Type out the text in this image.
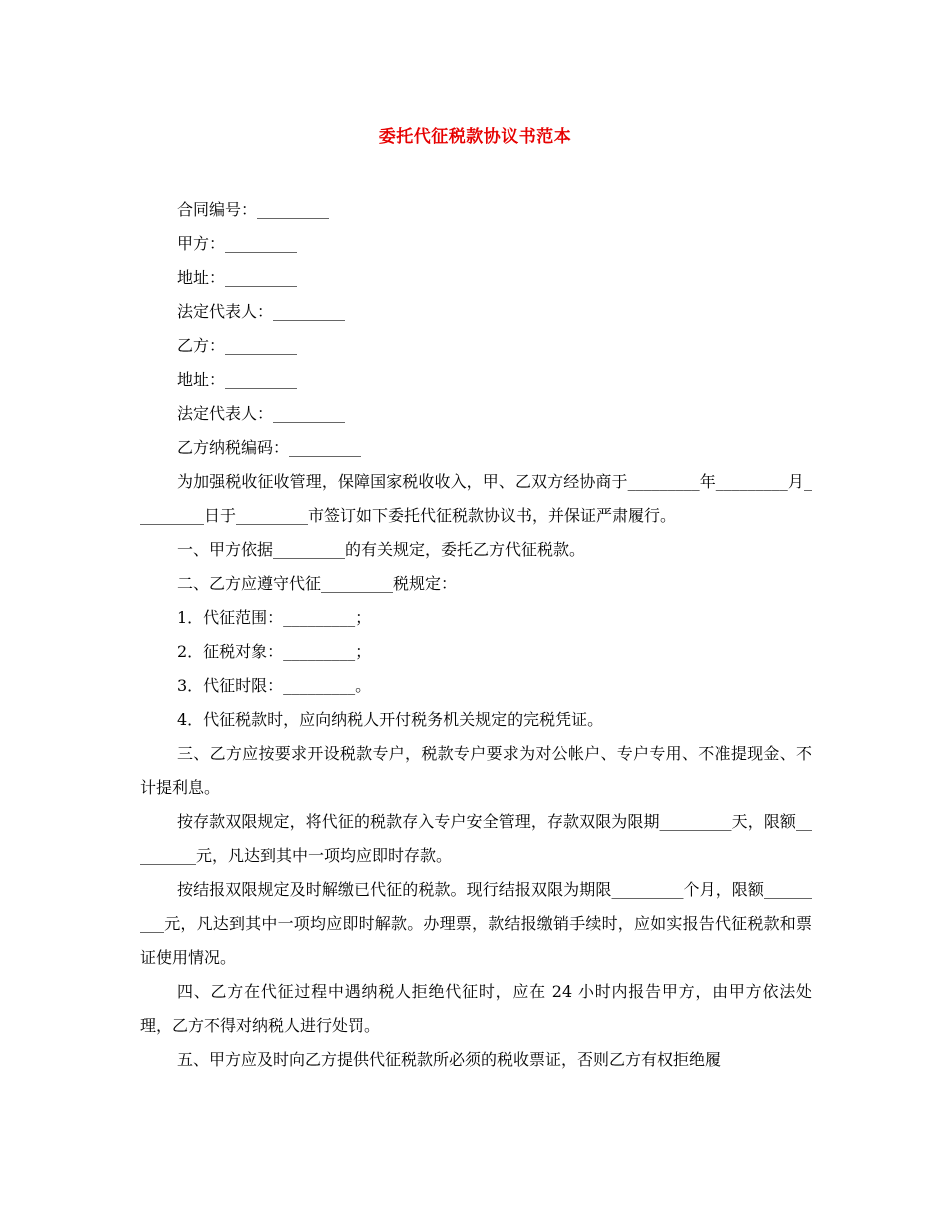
委托代征税款协议书范本

合同编号：_________

甲方：_________

地址：_________

法定代表人：_________

乙方：_________

地址：_________

法定代表人：_________

乙方纳税编码：_________

为加强税收征收管理，保障国家税收收入，甲、乙双方经协商于_________年_________月_________日于_________市签订如下委托代征税款协议书，并保证严肃履行。

一、甲方依据_________的有关规定，委托乙方代征税款。

二、乙方应遵守代征_________税规定：

1．代征范围：_________；

2．征税对象：_________；

3．代征时限：_________。

4．代征税款时，应向纳税人开付税务机关规定的完税凭证。

三、乙方应按要求开设税款专户，税款专户要求为对公帐户、专户专用、不准提现金、不计提利息。

按存款双限规定，将代征的税款存入专户安全管理，存款双限为限期_________天，限额_________元，凡达到其中一项均应即时存款。

按结报双限规定及时解缴已代征的税款。现行结报双限为期限_________个月，限额_________元，凡达到其中一项均应即时解款。办理票，款结报缴销手续时，应如实报告代征税款和票证使用情况。

四、乙方在代征过程中遇纳税人拒绝代征时，应在 24 小时内报告甲方，由甲方依法处理，乙方不得对纳税人进行处罚。

五、甲方应及时向乙方提供代征税款所必须的税收票证，否则乙方有权拒绝履
